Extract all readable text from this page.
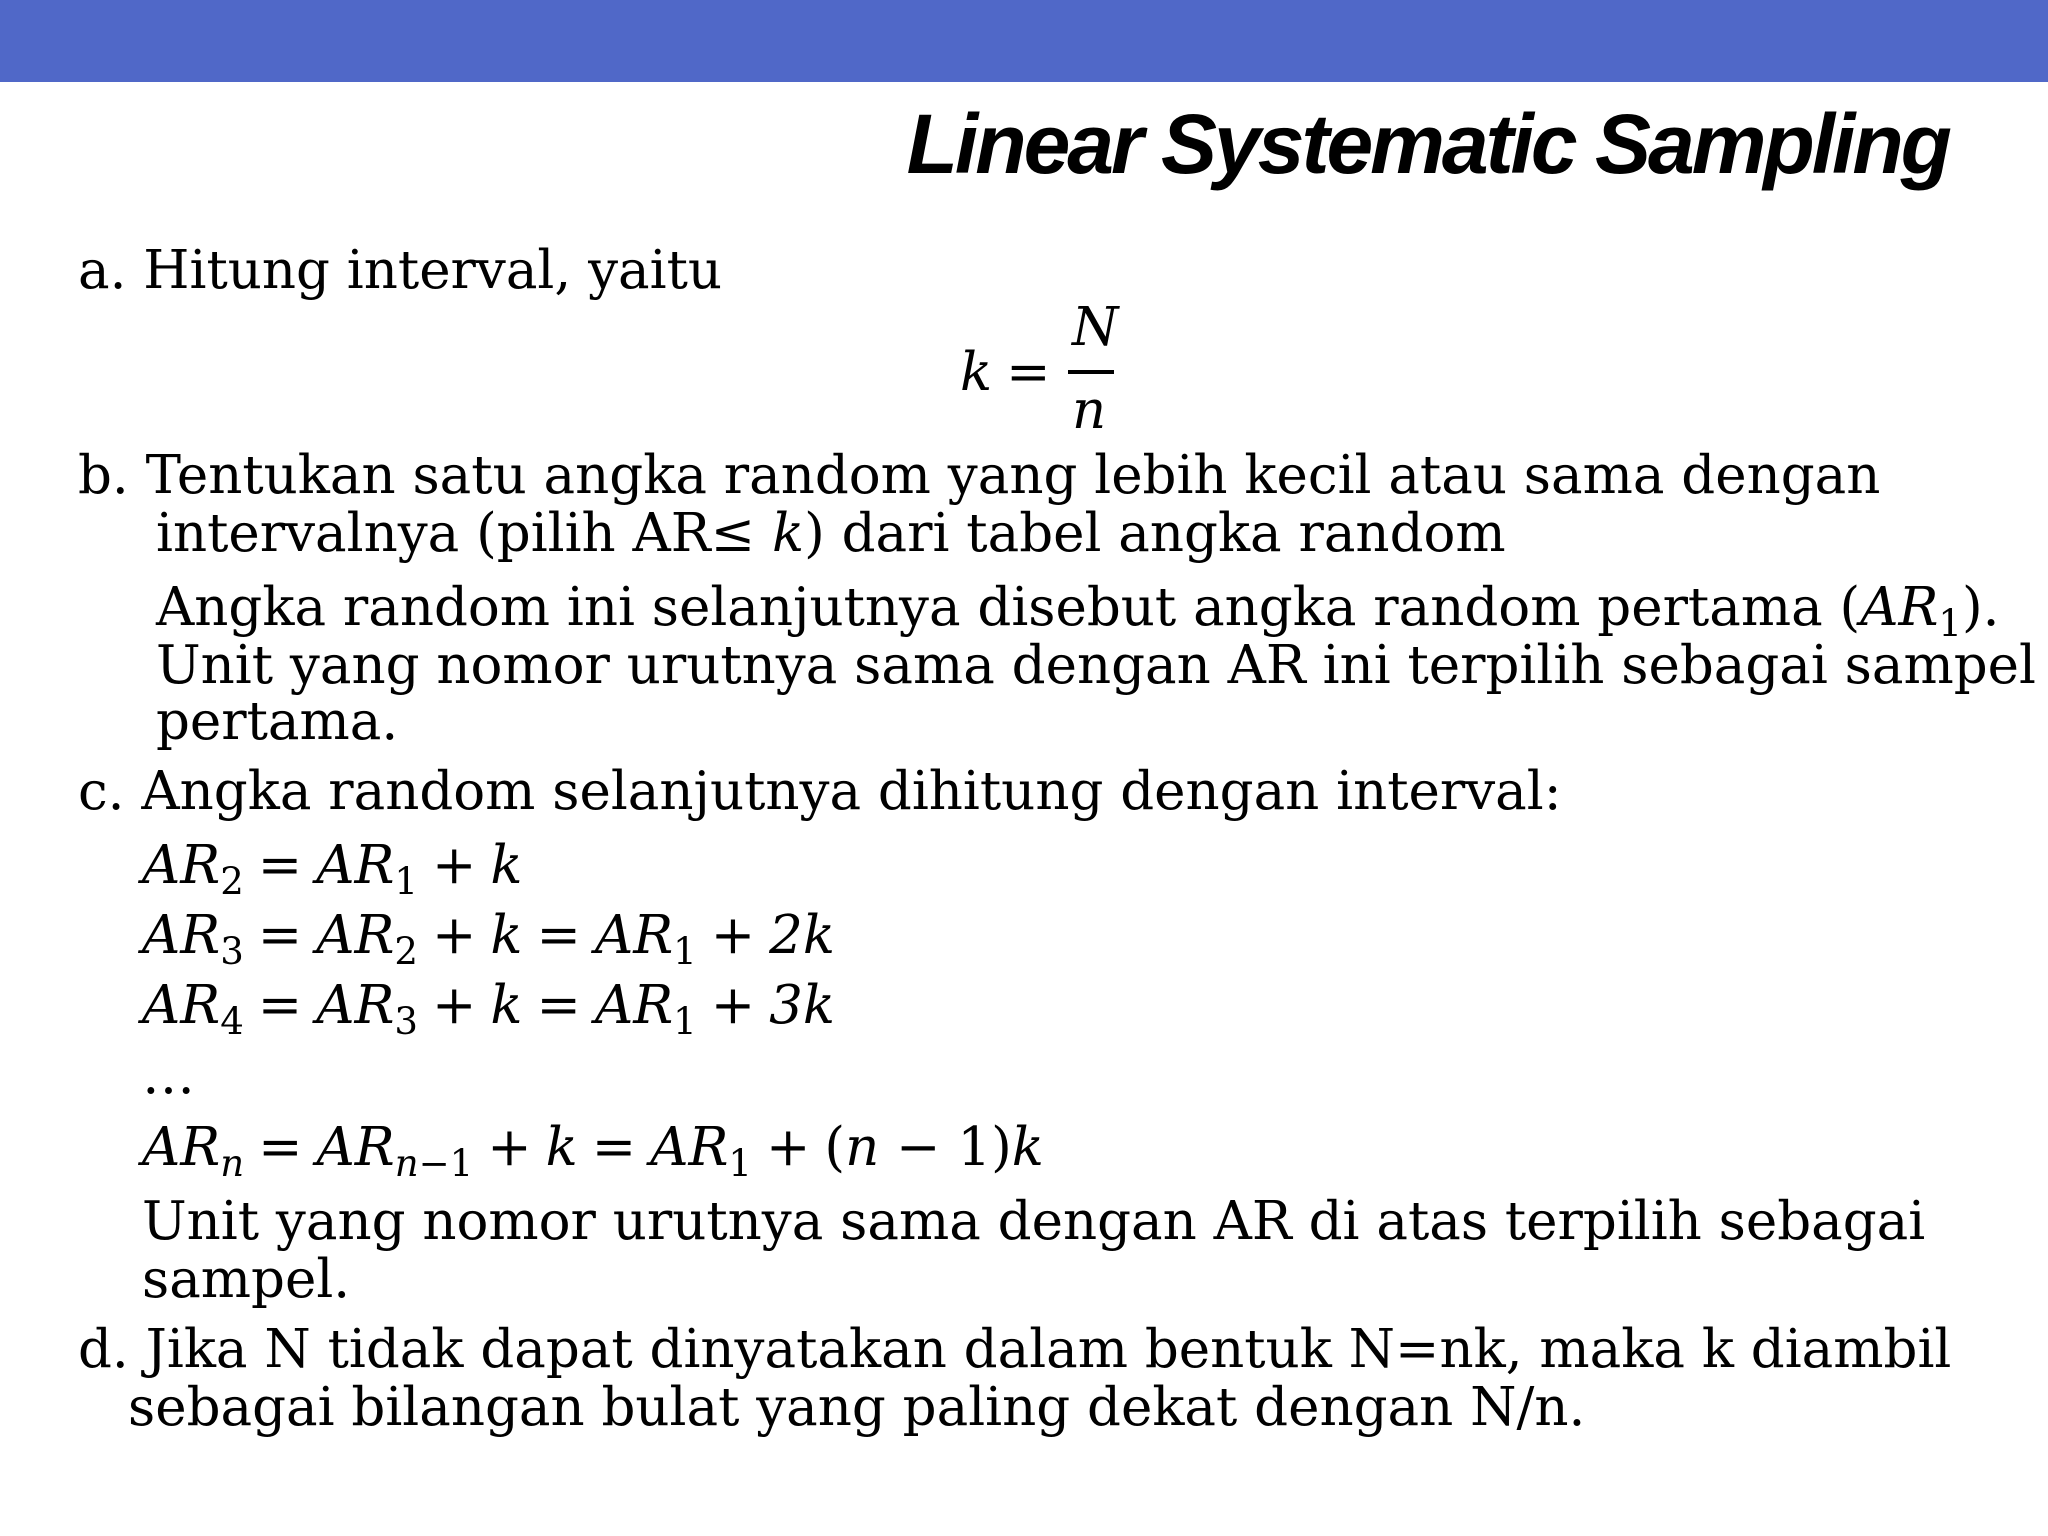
Linear Systematic Sampling
a. Hitung interval, yaitu
k =
N
n
b. Tentukan satu angka random yang lebih kecil atau sama dengan
intervalnya (pilih AR≤ k) dari tabel angka random
Angka random ini selanjutnya disebut angka random pertama $(AR_1)$.
Unit yang nomor urutnya sama dengan AR ini terpilih sebagai sampel
pertama.
c. Angka random selanjutnya dihitung dengan interval:
$AR_2 = AR_1 + k$
$AR_3 = AR_2 + k = AR_1 + 2k$
$AR_4 = AR_3 + k = AR_1 + 3k$
…
$AR_n = AR_{n-1} + k = AR_1 + (n - 1)k$
Unit yang nomor urutnya sama dengan AR di atas terpilih sebagai
sampel.
d. Jika N tidak dapat dinyatakan dalam bentuk N=nk, maka k diambil
sebagai bilangan bulat yang paling dekat dengan N/n.
